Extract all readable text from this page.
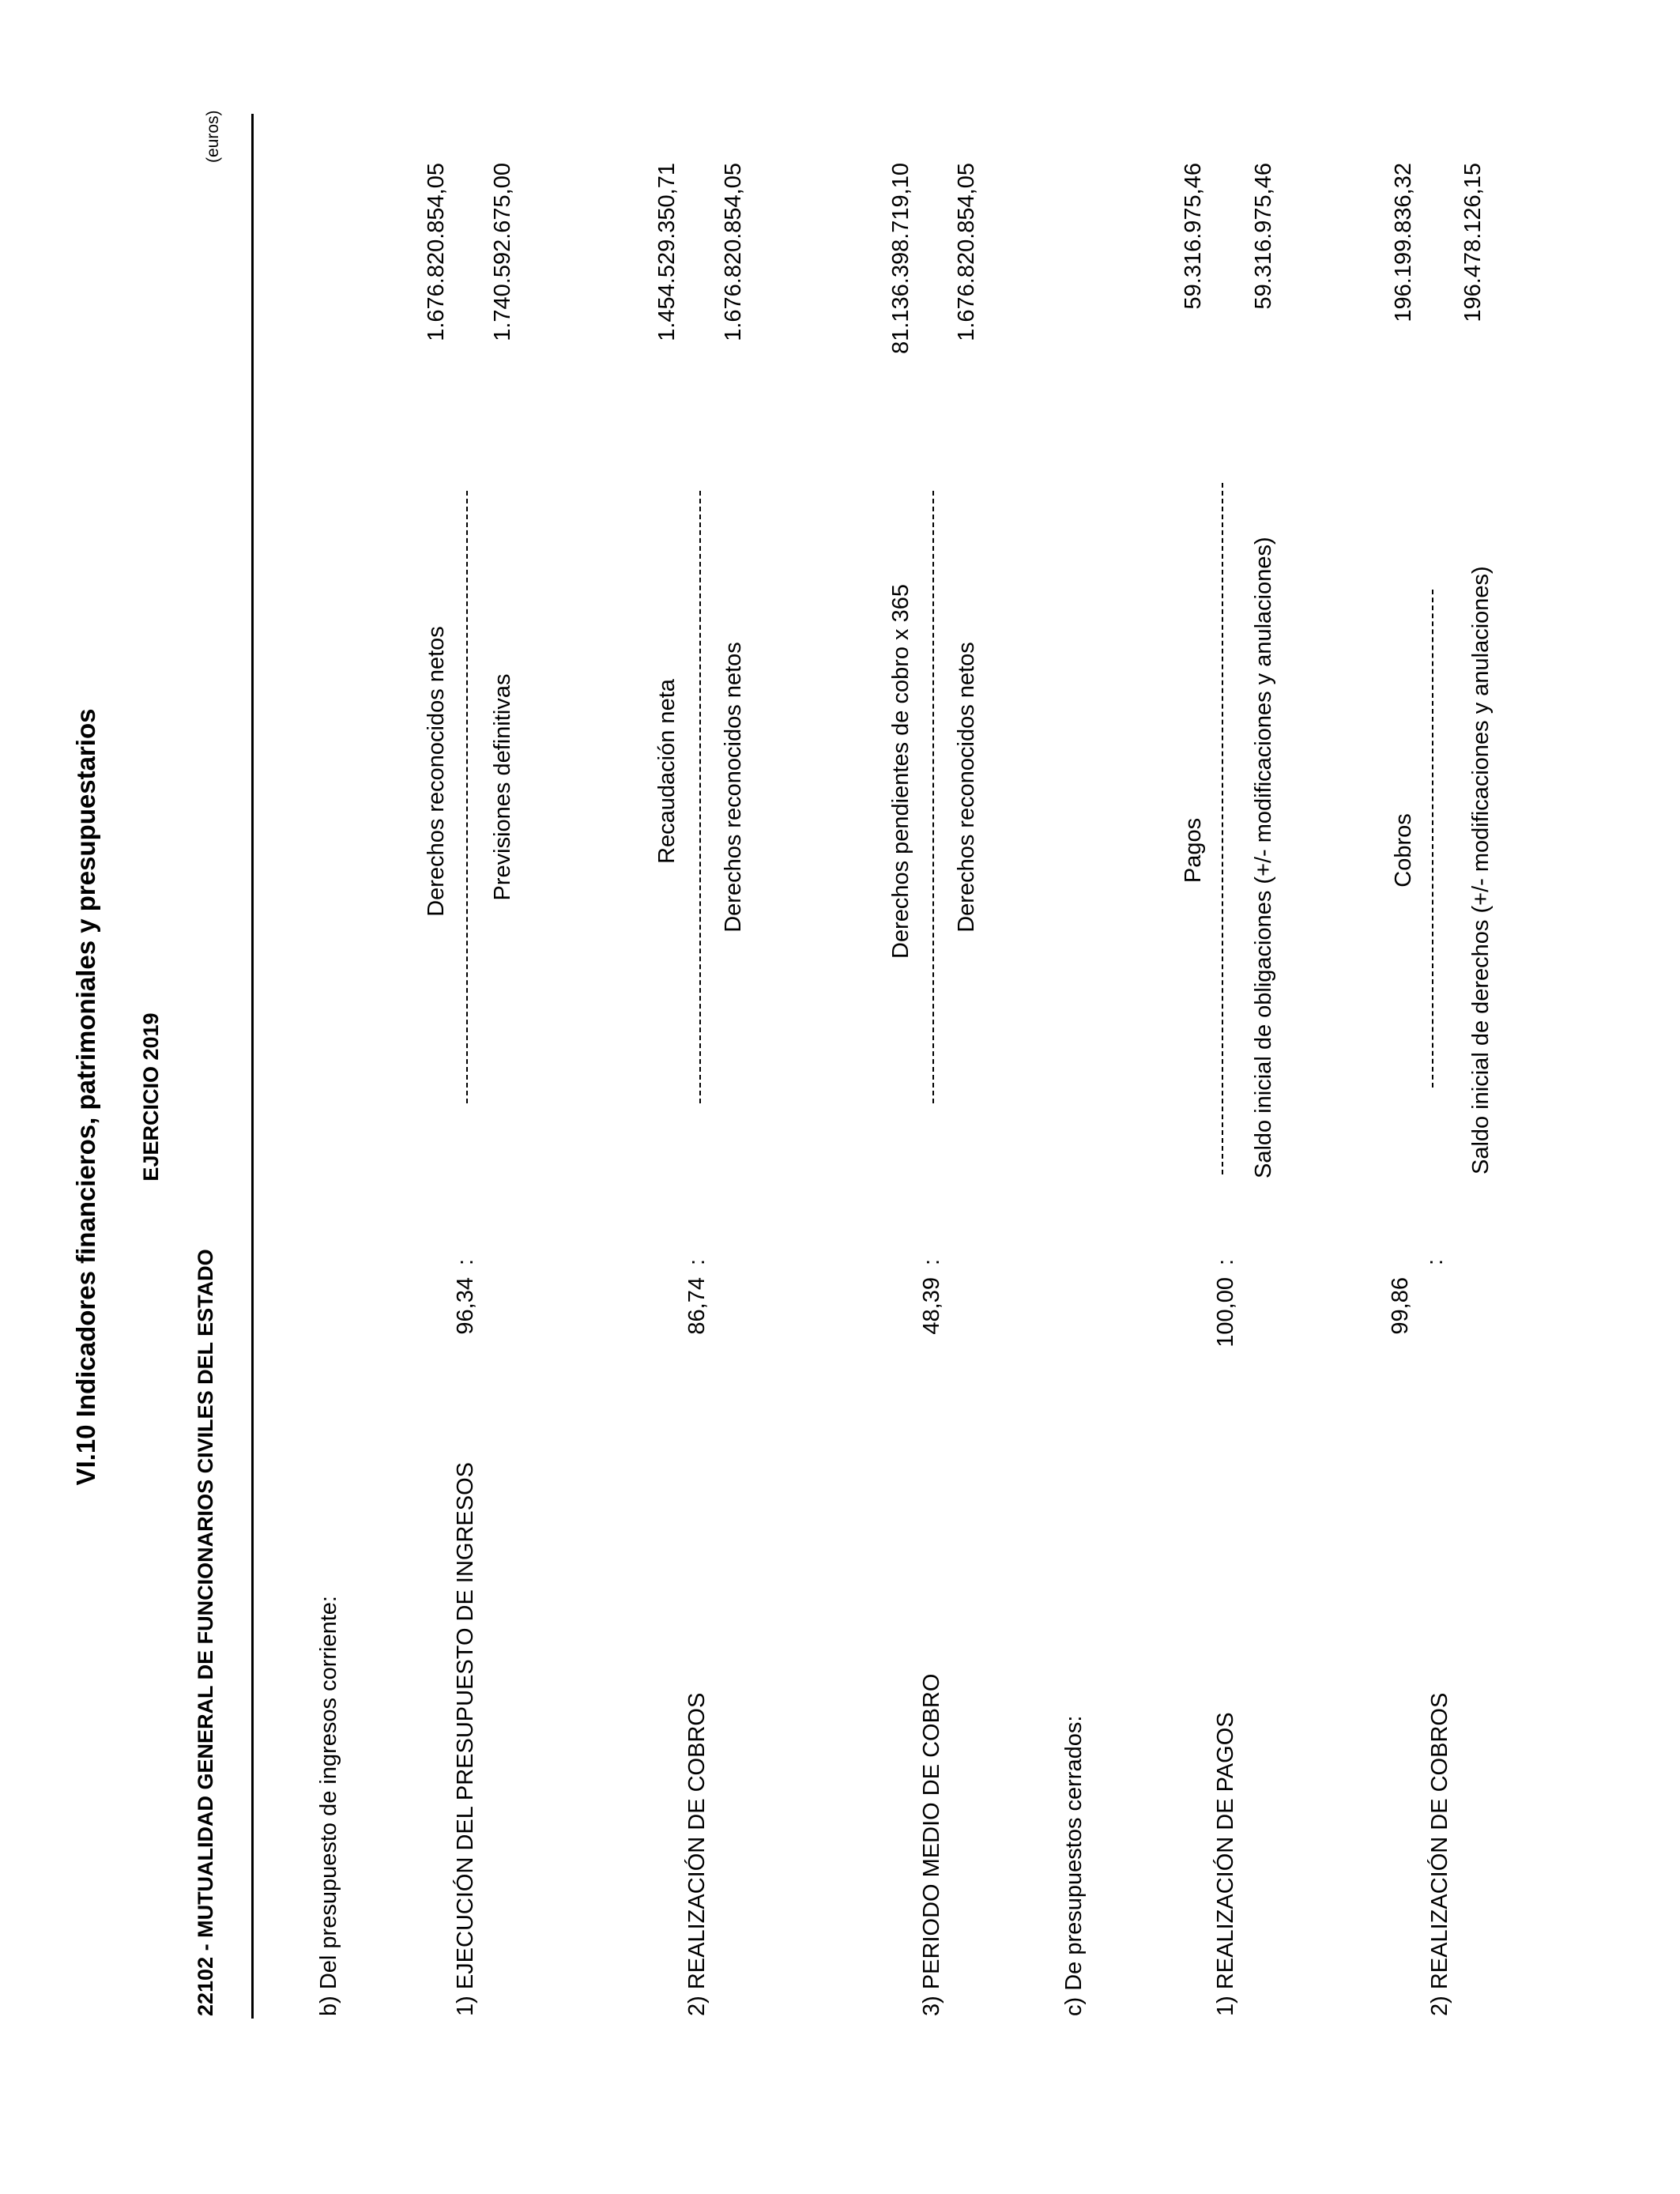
VI.10 Indicadores financieros, patrimoniales y presupuestarios EJERCICIO 2019
22102 - MUTUALIDAD GENERAL DE FUNCIONARIOS CIVILES DEL ESTADO
(euros)
b) Del presupuesto de ingresos corriente:	1) EJECUCIÓN DEL PRESUPUESTO DE INGRESOS
96,34
:
Derechos reconocidos netos Previsiones definitivas
1.676.820.854,05 1.740.592.675,00
2) REALIZACIÓN DE COBROS
86,74
:
Recaudación neta Derechos reconocidos netos
1.454.529.350,71 1.676.820.854,05
3) PERIODO MEDIO DE COBRO
48,39
:
Derechos pendientes de cobro x 365 Derechos reconocidos netos
81.136.398.719,10 1.676.820.854,05
c) De presupuestos cerrados:	1) REALIZACIÓN DE PAGOS
100,00
:
Pagos Saldo inicial de obligaciones (+/- modificaciones y anulaciones)
59.316.975,46 59.316.975,46
2) REALIZACIÓN DE COBROS
99,86
:
Cobros Saldo inicial de derechos (+/- modificaciones y anulaciones)
196.199.836,32 196.478.126,15
